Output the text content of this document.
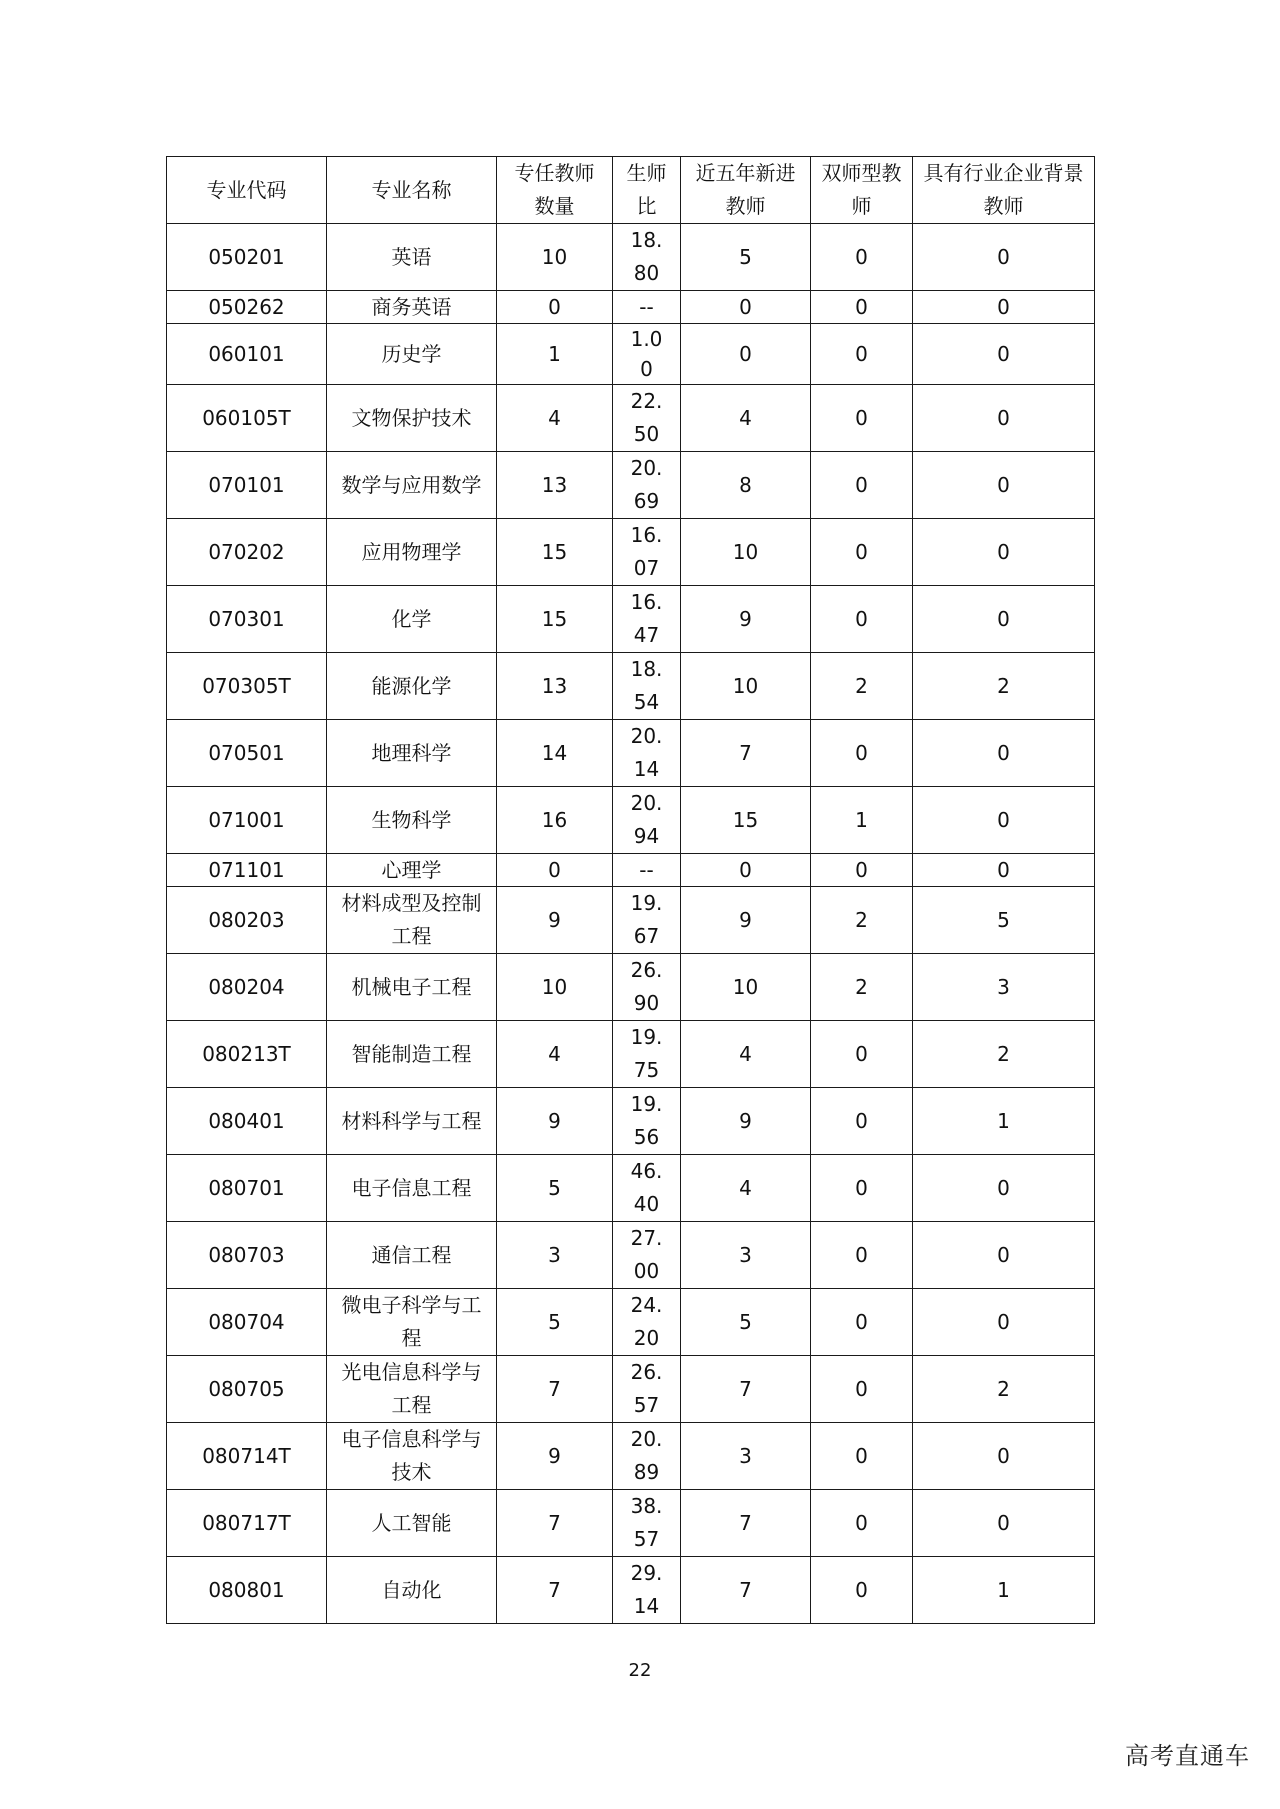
专业代码	专业名称	专任教师数量	生师比	近五年新进教师	双师型教师	具有行业企业背景教师
050201	英语	10	18.80	5	0	0
050262	商务英语	0	--	0	0	0
060101	历史学	1	1.00	0	0	0
060105T	文物保护技术	4	22.50	4	0	0
070101	数学与应用数学	13	20.69	8	0	0
070202	应用物理学	15	16.07	10	0	0
070301	化学	15	16.47	9	0	0
070305T	能源化学	13	18.54	10	2	2
070501	地理科学	14	20.14	7	0	0
071001	生物科学	16	20.94	15	1	0
071101	心理学	0	--	0	0	0
080203	材料成型及控制工程	9	19.67	9	2	5
080204	机械电子工程	10	26.90	10	2	3
080213T	智能制造工程	4	19.75	4	0	2
080401	材料科学与工程	9	19.56	9	0	1
080701	电子信息工程	5	46.40	4	0	0
080703	通信工程	3	27.00	3	0	0
080704	微电子科学与工程	5	24.20	5	0	0
080705	光电信息科学与工程	7	26.57	7	0	2
080714T	电子信息科学与技术	9	20.89	3	0	0
080717T	人工智能	7	38.57	7	0	0
080801	自动化	7	29.14	7	0	1
22
高考直通车
